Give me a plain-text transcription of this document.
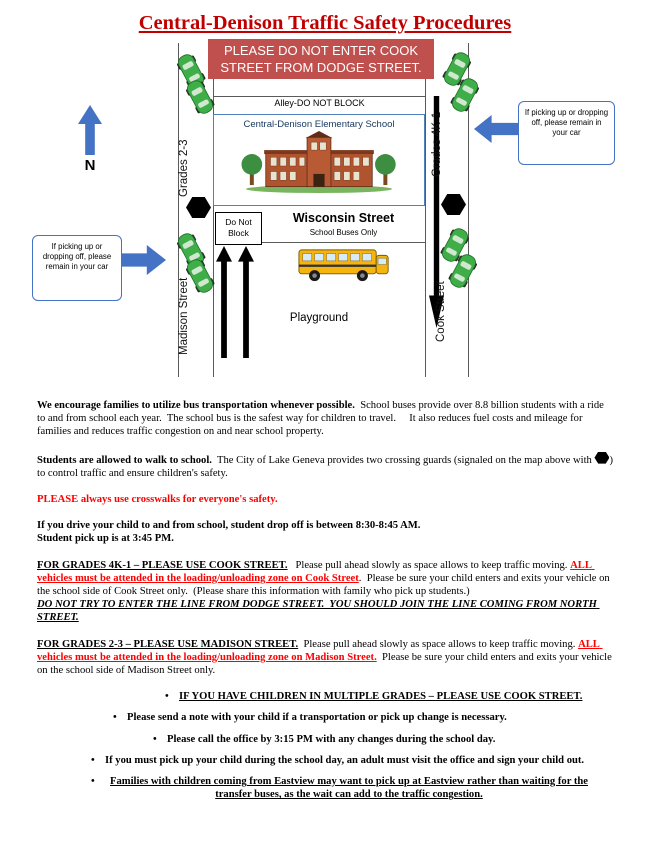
Central-Denison Traffic Safety Procedures
PLEASE DO NOT ENTER COOK STREET FROM DODGE STREET.
Alley-DO NOT BLOCK
Central-Denison Elementary School
Do Not Block
Wisconsin Street
School Buses Only
Playground
Grades 2-3
Madison Street
Grades 4K-1
Cook Street
N
If picking up or dropping off, please remain in your car
If picking up or dropping off, please remain in your car

We encourage families to utilize bus transportation whenever possible.  School buses provide over 8.8 billion students with a ride to and from school each year.  The school bus is the safest way for children to travel.     It also reduces fuel costs and mileage for families and reduces traffic congestion on and near school property.

Students are allowed to walk to school.  The City of Lake Geneva provides two crossing guards (signaled on the map above with ) to control traffic and ensure children's safety.

PLEASE always use crosswalks for everyone's safety.

If you drive your child to and from school, student drop off is between 8:30-8:45 AM.
Student pick up is at 3:45 PM.

FOR GRADES 4K-1 – PLEASE USE COOK STREET.   Please pull ahead slowly as space allows to keep traffic moving. ALL vehicles must be attended in the loading/unloading zone on Cook Street.  Please be sure your child enters and exits your vehicle on the school side of Cook Street only.  (Please share this information with family who pick up students.)
DO NOT TRY TO ENTER THE LINE FROM DODGE STREET.  YOU SHOULD JOIN THE LINE COMING FROM NORTH STREET.

FOR GRADES 2-3 – PLEASE USE MADISON STREET.  Please pull ahead slowly as space allows to keep traffic moving. ALL vehicles must be attended in the loading/unloading zone on Madison Street.  Please be sure your child enters and exits your vehicle on the school side of Madison Street only.

• IF YOU HAVE CHILDREN IN MULTIPLE GRADES – PLEASE USE COOK STREET.
• Please send a note with your child if a transportation or pick up change is necessary.
• Please call the office by 3:15 PM with any changes during the school day.
• If you must pick up your child during the school day, an adult must visit the office and sign your child out.
• Families with children coming from Eastview may want to pick up at Eastview rather than waiting for the transfer buses, as the wait can add to the traffic congestion.
